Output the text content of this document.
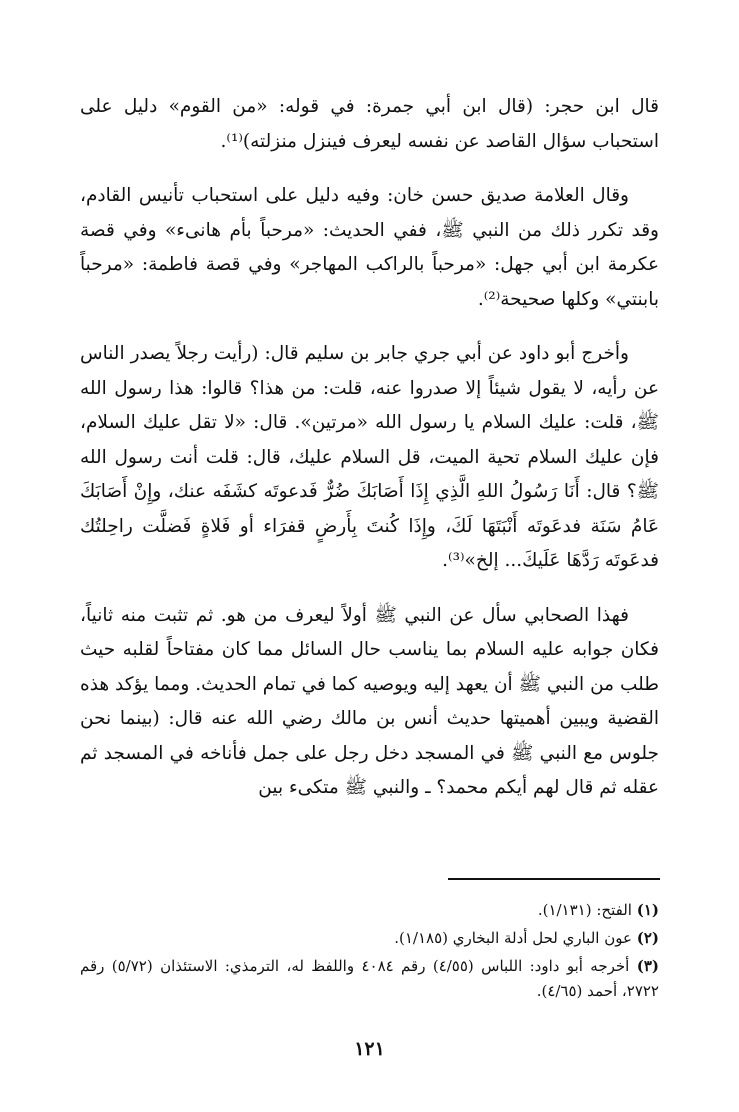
قال ابن حجر: (قال ابن أبي جمرة: في قوله: «من القوم» دليل على استحباب سؤال القاصد عن نفسه ليعرف فينزل منزلته)⁽¹⁾.

وقال العلامة صديق حسن خان: وفيه دليل على استحباب تأنيس القادم، وقد تكرر ذلك من النبي ﷺ، ففي الحديث: «مرحباً بأم هانىء» وفي قصة عكرمة ابن أبي جهل: «مرحباً بالراكب المهاجر» وفي قصة فاطمة: «مرحباً بابنتي» وكلها صحيحة⁽²⁾.

وأخرج أبو داود عن أبي جري جابر بن سليم قال: (رأيت رجلاً يصدر الناس عن رأيه، لا يقول شيئاً إلا صدروا عنه، قلت: من هذا؟ قالوا: هذا رسول الله ﷺ، قلت: عليك السلام يا رسول الله «مرتين». قال: «لا تقل عليك السلام، فإن عليك السلام تحية الميت، قل السلام عليك، قال: قلت أنت رسول الله ﷺ؟ قال: أَنَا رَسُولُ اللهِ الَّذِي إِذَا أَصَابَكَ ضُرٌّ فَدعوتَه كشَفَه عنك، وإِنْ أَصَابَكَ عَامُ سَنَة فدعَوتَه أَنْبَتَهَا لَكَ، وإِذَا كُنتَ بِأَرضٍ قفرَاء أو فَلاةٍ فَضلَّت راحِلتُك فدعَوتَه رَدَّهَا عَلَيكَ... إلخ»⁽³⁾.

فهذا الصحابي سأل عن النبي ﷺ أولاً ليعرف من هو. ثم تثبت منه ثانياً، فكان جوابه عليه السلام بما يناسب حال السائل مما كان مفتاحاً لقلبه حيث طلب من النبي ﷺ أن يعهد إليه ويوصيه كما في تمام الحديث. ومما يؤكد هذه القضية ويبين أهميتها حديث أنس بن مالك رضي الله عنه قال: (بينما نحن جلوس مع النبي ﷺ في المسجد دخل رجل على جمل فأناخه في المسجد ثم عقله ثم قال لهم أيكم محمد؟ ـ والنبي ﷺ متكىء بين

(١) الفتح: (١/١٣١).
(٢) عون الباري لحل أدلة البخاري (١/١٨٥).
(٣) أخرجه أبو داود: اللباس (٤/٥٥) رقم ٤٠٨٤ واللفظ له، الترمذي: الاستئذان (٥/٧٢) رقم ٢٧٢٢، أحمد (٤/٦٥).
١٢١
